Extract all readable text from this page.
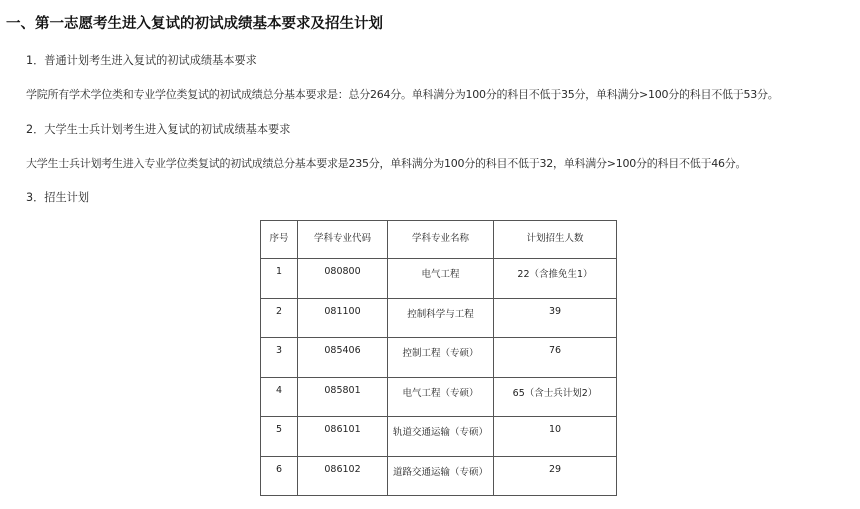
一、第一志愿考生进入复试的初试成绩基本要求及招生计划
1．普通计划考生进入复试的初试成绩基本要求
学院所有学术学位类和专业学位类复试的初试成绩总分基本要求是：总分264分。单科满分为100分的科目不低于35分，单科满分>100分的科目不低于53分。
2．大学生士兵计划考生进入复试的初试成绩基本要求
大学生士兵计划考生进入专业学位类复试的初试成绩总分基本要求是235分，单科满分为100分的科目不低于32，单科满分>100分的科目不低于46分。
3．招生计划
序号	学科专业代码	学科专业名称	计划招生人数
1	080800	电气工程	22（含推免生1）
2	081100	控制科学与工程	39
3	085406	控制工程（专硕）	76
4	085801	电气工程（专硕）	65（含士兵计划2）
5	086101	轨道交通运输（专硕）	10
6	086102	道路交通运输（专硕）	29
